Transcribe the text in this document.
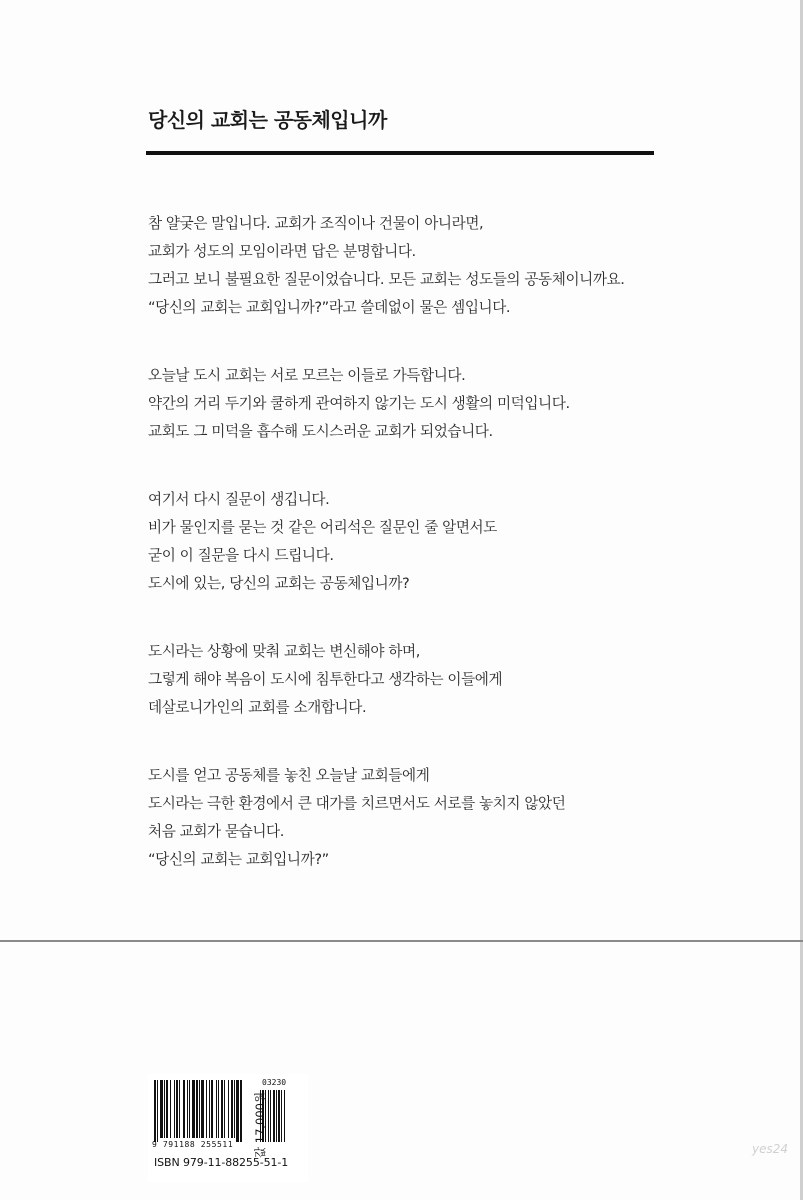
당신의 교회는 공동체입니까

참 얄궂은 말입니다. 교회가 조직이나 건물이 아니라면,
교회가 성도의 모임이라면 답은 분명합니다.
그러고 보니 불필요한 질문이었습니다. 모든 교회는 성도들의 공동체이니까요.
“당신의 교회는 교회입니까?”라고 쓸데없이 물은 셈입니다.

오늘날 도시 교회는 서로 모르는 이들로 가득합니다.
약간의 거리 두기와 쿨하게 관여하지 않기는 도시 생활의 미덕입니다.
교회도 그 미덕을 흡수해 도시스러운 교회가 되었습니다.

여기서 다시 질문이 생깁니다.
비가 물인지를 묻는 것 같은 어리석은 질문인 줄 알면서도
굳이 이 질문을 다시 드립니다.
도시에 있는, 당신의 교회는 공동체입니까?

도시라는 상황에 맞춰 교회는 변신해야 하며,
그렇게 해야 복음이 도시에 침투한다고 생각하는 이들에게
데살로니가인의 교회를 소개합니다.

도시를 얻고 공동체를 놓친 오늘날 교회들에게
도시라는 극한 환경에서 큰 대가를 치르면서도 서로를 놓치지 않았던
처음 교회가 묻습니다.
“당신의 교회는 교회입니까?”

03230
9 791188 255511
ISBN 979-11-88255-51-1
값 17,000원	yes24
